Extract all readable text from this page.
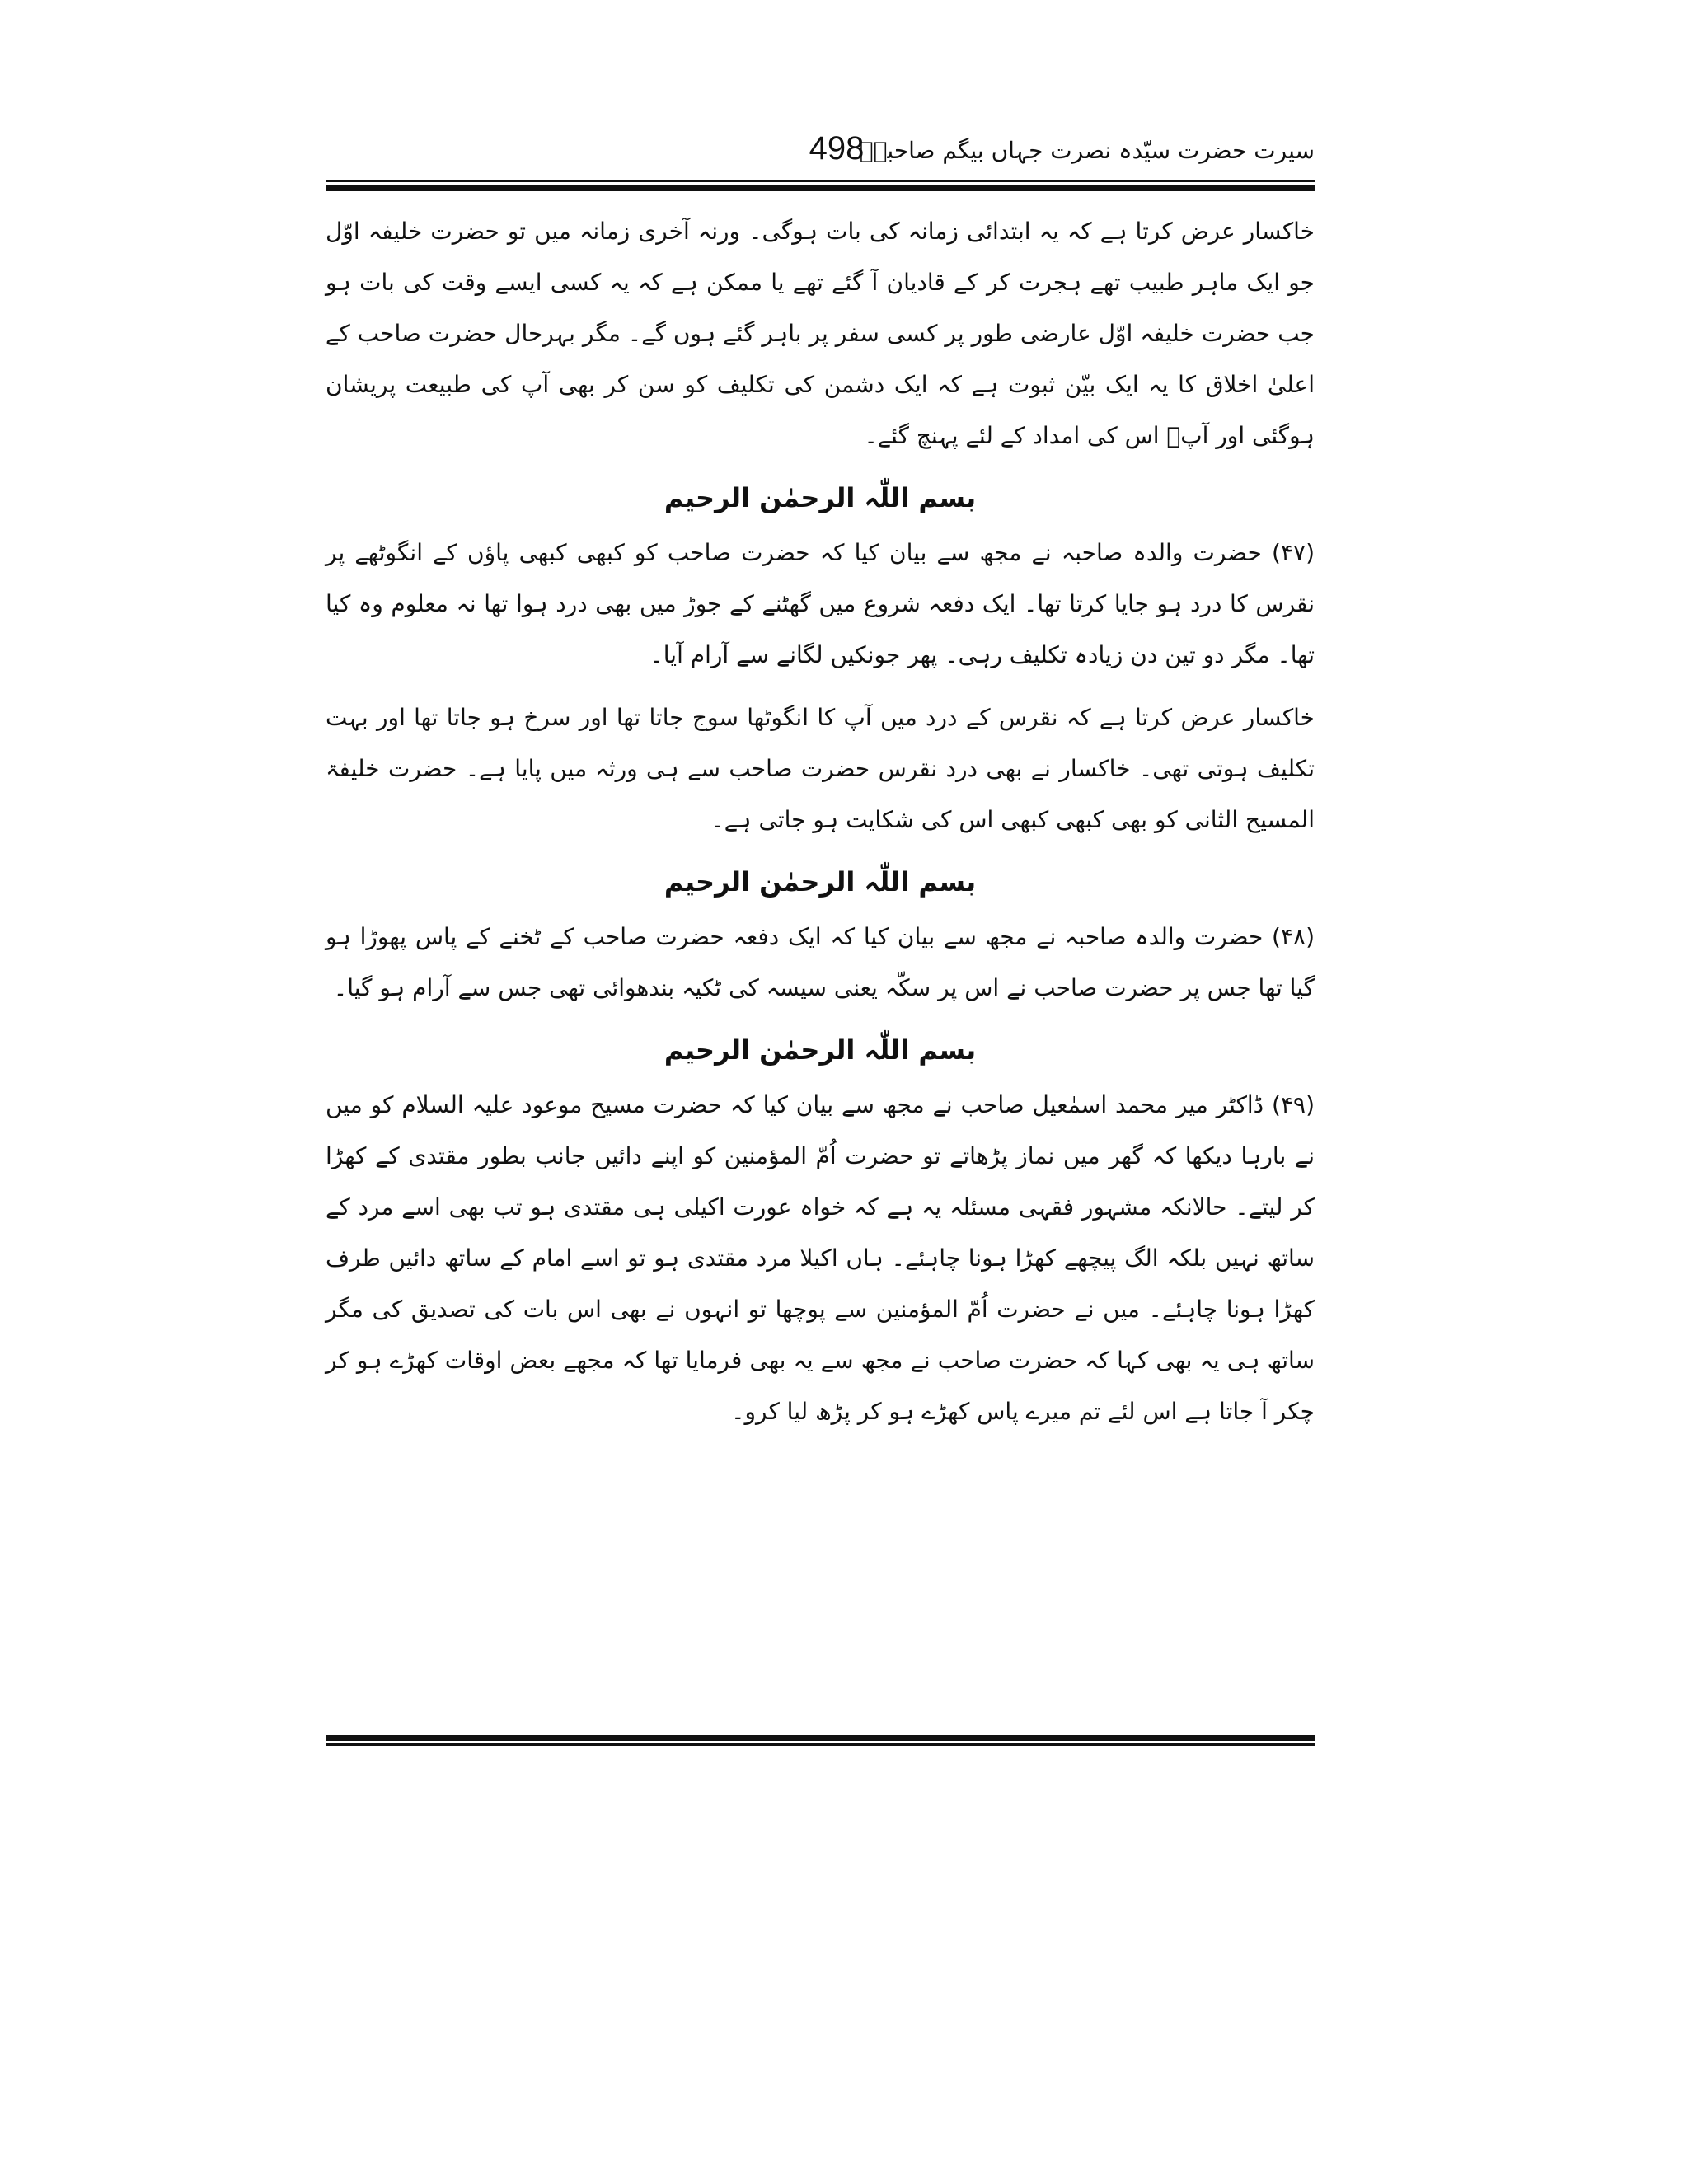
498
سیرت حضرت سیّدہ نصرت جہاں بیگم صاحبہؓ

خاکسار عرض کرتا ہے کہ یہ ابتدائی زمانہ کی بات ہوگی۔ ورنہ آخری زمانہ میں تو حضرت خلیفہ اوّل جو ایک ماہر طبیب تھے ہجرت کر کے قادیان آ گئے تھے یا ممکن ہے کہ یہ کسی ایسے وقت کی بات ہو جب حضرت خلیفہ اوّل عارضی طور پر کسی سفر پر باہر گئے ہوں گے۔ مگر بہرحال حضرت صاحب کے اعلیٰ اخلاق کا یہ ایک بیّن ثبوت ہے کہ ایک دشمن کی تکلیف کو سن کر بھی آپ کی طبیعت پریشان ہوگئی اور آپؑ اس کی امداد کے لئے پہنچ گئے۔

بسم اللّٰہ الرحمٰن الرحیم

(۴۷) حضرت والدہ صاحبہ نے مجھ سے بیان کیا کہ حضرت صاحب کو کبھی کبھی پاؤں کے انگوٹھے پر نقرس کا درد ہو جایا کرتا تھا۔ ایک دفعہ شروع میں گھٹنے کے جوڑ میں بھی درد ہوا تھا نہ معلوم وہ کیا تھا۔ مگر دو تین دن زیادہ تکلیف رہی۔ پھر جونکیں لگانے سے آرام آیا۔

خاکسار عرض کرتا ہے کہ نقرس کے درد میں آپ کا انگوٹھا سوج جاتا تھا اور سرخ ہو جاتا تھا اور بہت تکلیف ہوتی تھی۔ خاکسار نے بھی درد نقرس حضرت صاحب سے ہی ورثہ میں پایا ہے۔ حضرت خلیفۃ المسیح الثانی کو بھی کبھی کبھی اس کی شکایت ہو جاتی ہے۔

بسم اللّٰہ الرحمٰن الرحیم

(۴۸) حضرت والدہ صاحبہ نے مجھ سے بیان کیا کہ ایک دفعہ حضرت صاحب کے ٹخنے کے پاس پھوڑا ہو گیا تھا جس پر حضرت صاحب نے اس پر سکّہ یعنی سیسہ کی ٹکیہ بندھوائی تھی جس سے آرام ہو گیا۔

بسم اللّٰہ الرحمٰن الرحیم

(۴۹) ڈاکٹر میر محمد اسمٰعیل صاحب نے مجھ سے بیان کیا کہ حضرت مسیح موعود علیہ السلام کو میں نے بارہا دیکھا کہ گھر میں نماز پڑھاتے تو حضرت اُمّ المؤمنین کو اپنے دائیں جانب بطور مقتدی کے کھڑا کر لیتے۔ حالانکہ مشہور فقہی مسئلہ یہ ہے کہ خواہ عورت اکیلی ہی مقتدی ہو تب بھی اسے مرد کے ساتھ نہیں بلکہ الگ پیچھے کھڑا ہونا چاہئے۔ ہاں اکیلا مرد مقتدی ہو تو اسے امام کے ساتھ دائیں طرف کھڑا ہونا چاہئے۔ میں نے حضرت اُمّ المؤمنین سے پوچھا تو انہوں نے بھی اس بات کی تصدیق کی مگر ساتھ ہی یہ بھی کہا کہ حضرت صاحب نے مجھ سے یہ بھی فرمایا تھا کہ مجھے بعض اوقات کھڑے ہو کر چکر آ جاتا ہے اس لئے تم میرے پاس کھڑے ہو کر پڑھ لیا کرو۔
